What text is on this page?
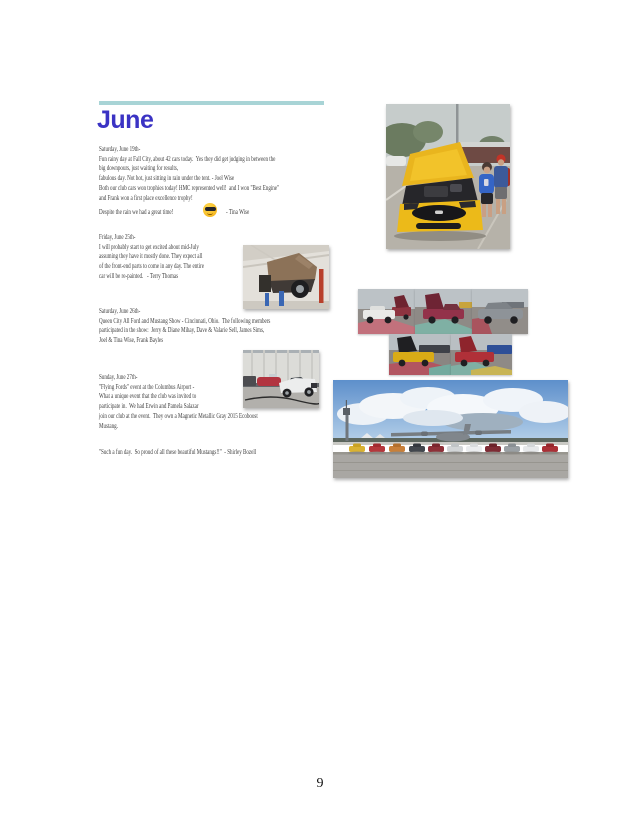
June
Saturday, June 19th-
Fun rainy day at Fall City, about 42 cars today.  Yes they did get judging in between the
big downpours, just waiting for results,
fabulous day. Not hot, just sitting in rain under the tent. - Joel Wise
Both our club cars won trophies today! HMC represented well!  and I won "Best Engine"
and Frank won a first place excellence trophy!
Despite the rain we had a great time!	- Tina Wise
Friday, June 25th-
I will probably start to get excited about mid-July
assuming they have it mostly done. They expect all
of the front-end parts to come in any day. The entire
car will be re-painted.   - Terry Thomas
Saturday, June 26th-
Queen City All Ford and Mustang Show - Cincinnati, Ohio.  The following members
participated in the show:  Jerry & Diane Mihay, Dave & Valarie Sell, James Sims,
Joel & Tina Wise, Frank Bayles
Sunday, June 27th-
"Flying Fords" event at the Columbus Airport -
What a unique event that the club was invited to
participate in.  We had Erwin and Pamela Salazar
join our club at the event.  They own a Magnetic Metallic Gray 2015 Ecoboost
Mustang.
"Such a fun day.  So proud of all these beautiful Mustangs!!"  - Shirley Bozell
9
